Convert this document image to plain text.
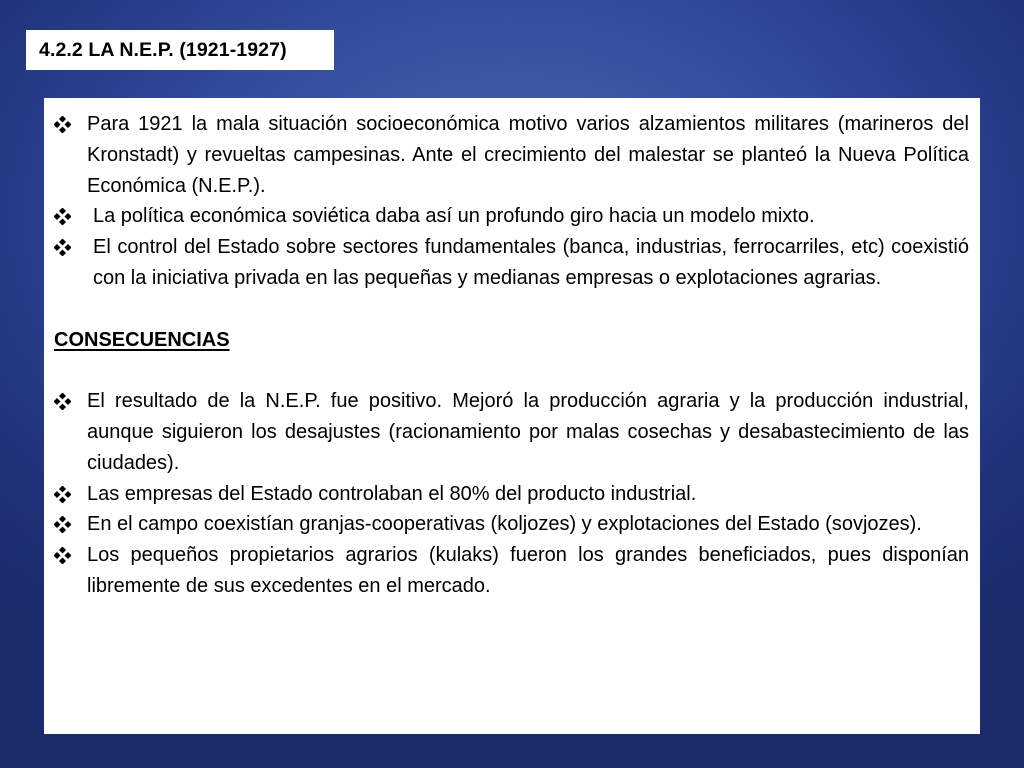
4.2.2 LA N.E.P. (1921-1927)
Para 1921 la mala situación socioeconómica motivo varios alzamientos militares (marineros del Kronstadt) y revueltas campesinas. Ante el crecimiento del malestar se planteó la Nueva Política Económica (N.E.P.).
La política económica soviética daba así un profundo giro hacia un modelo mixto.
El control del Estado sobre sectores fundamentales (banca, industrias, ferrocarriles, etc) coexistió con la iniciativa privada en las pequeñas y medianas empresas o explotaciones agrarias.
CONSECUENCIAS
El resultado de la N.E.P. fue positivo. Mejoró la producción agraria y la producción industrial, aunque siguieron los desajustes (racionamiento por malas cosechas y desabastecimiento de las ciudades).
Las empresas del Estado controlaban el 80% del producto industrial.
En el campo coexistían granjas-cooperativas (koljozes) y explotaciones del Estado (sovjozes).
Los pequeños propietarios agrarios (kulaks) fueron los grandes beneficiados, pues disponían libremente de sus excedentes en el mercado.
